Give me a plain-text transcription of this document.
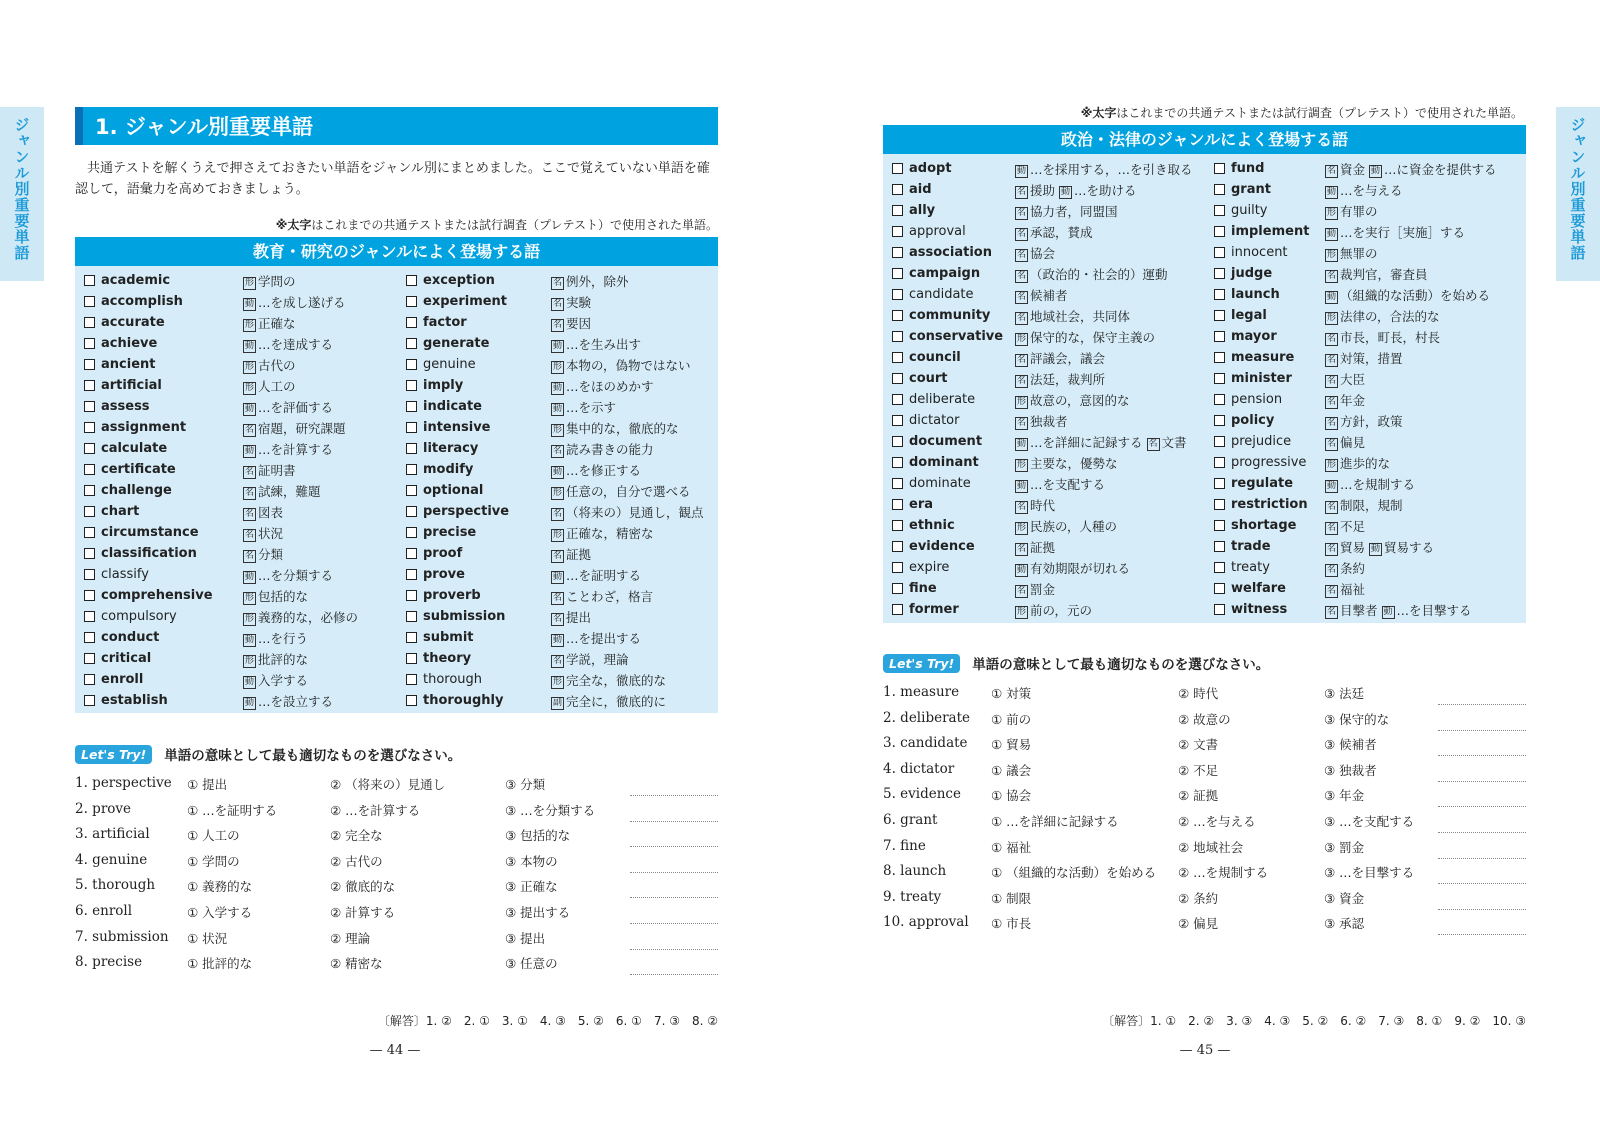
ジャンル別重要単語	ジャンル別重要単語
1. ジャンル別重要単語
共通テストを解くうえで押さえておきたい単語をジャンル別にまとめました。ここで覚えていない単語を確認して，語彙力を高めておきましょう。
※太字はこれまでの共通テストまたは試行調査（プレテスト）で使用された単語。
※太字はこれまでの共通テストまたは試行調査（プレテスト）で使用された単語。
教育・研究のジャンルによく登場する語
academic	形 学問の
accomplish	動 …を成し遂げる
accurate	形 正確な
achieve	動 …を達成する
ancient	形 古代の
artificial	形 人工の
assess	動 …を評価する
assignment	名 宿題，研究課題
calculate	動 …を計算する
certificate	名 証明書
challenge	名 試練，難題
chart	名 図表
circumstance	名 状況
classification	名 分類
classify	動 …を分類する
comprehensive	形 包括的な
compulsory	形 義務的な，必修の
conduct	動 …を行う
critical	形 批評的な
enroll	動 入学する
establish	動 …を設立する
exception	名 例外，除外
experiment	名 実験
factor	名 要因
generate	動 …を生み出す
genuine	形 本物の，偽物ではない
imply	動 …をほのめかす
indicate	動 …を示す
intensive	形 集中的な，徹底的な
literacy	名 読み書きの能力
modify	動 …を修正する
optional	形 任意の，自分で選べる
perspective	名 （将来の）見通し，観点
precise	形 正確な，精密な
proof	名 証拠
prove	動 …を証明する
proverb	名 ことわざ，格言
submission	名 提出
submit	動 …を提出する
theory	名 学説，理論
thorough	形 完全な，徹底的な
thoroughly	副 完全に，徹底的に
政治・法律のジャンルによく登場する語
adopt	動 …を採用する，…を引き取る
aid	名 援助 動 …を助ける
ally	名 協力者，同盟国
approval	名 承認，賛成
association	名 協会
campaign	名 （政治的・社会的）運動
candidate	名 候補者
community	名 地域社会，共同体
conservative 形 保守的な，保守主義の
council	名 評議会，議会
court	名 法廷，裁判所
deliberate	形 故意の，意図的な
dictator	名 独裁者
document	動 …を詳細に記録する 名 文書
dominant	形 主要な，優勢な
dominate	動 …を支配する
era	名 時代
ethnic	形 民族の，人種の
evidence	名 証拠
expire	動 有効期限が切れる
fine	名 罰金
former	形 前の，元の
fund	名 資金 動 …に資金を提供する
grant	動 …を与える
guilty	形 有罪の
implement 動 …を実行［実施］する
innocent	形 無罪の
judge	名 裁判官，審査員
launch	動 （組織的な活動）を始める
legal	形 法律の，合法的な
mayor	名 市長，町長，村長
measure	名 対策，措置
minister	名 大臣
pension	名 年金
policy	名 方針，政策
prejudice	名 偏見
progressive 形 進歩的な
regulate	動 …を規制する
restriction 名 制限，規制
shortage	名 不足
trade	名 貿易 動 貿易する
treaty	名 条約
welfare	名 福祉
witness	名 目撃者 動 …を目撃する
Let's Try!	単語の意味として最も適切なものを選びなさい。
Let's Try!	単語の意味として最も適切なものを選びなさい。
1. perspective ① 提出	② （将来の）見通し	③ 分類
2. prove	① …を証明する	② …を計算する	③ …を分類する
3. artificial	① 人工の	② 完全な	③ 包括的な
4. genuine	① 学問の	② 古代の	③ 本物の
5. thorough	① 義務的な	② 徹底的な	③ 正確な
6. enroll	① 入学する	② 計算する	③ 提出する
7. submission ① 状況	② 理論	③ 提出
8. precise	① 批評的な	② 精密な	③ 任意の
1. measure	① 対策	② 時代	③ 法廷
2. deliberate ① 前の	② 故意の	③ 保守的な
3. candidate ① 貿易	② 文書	③ 候補者
4. dictator	① 議会	② 不足	③ 独裁者
5. evidence ① 協会	② 証拠	③ 年金
6. grant	① …を詳細に記録する	② …を与える	③ …を支配する
7. fine	① 福祉	② 地域社会	③ 罰金
8. launch	① （組織的な活動）を始める ② …を規制する	③ …を目撃する
9. treaty	① 制限	② 条約	③ 資金
10. approval ① 市長	② 偏見	③ 承認
〔解答〕1. ②　2. ①　3. ①　4. ③　5. ②　6. ①　7. ③　8. ②	〔解答〕1. ①　2. ②　3. ③　4. ③　5. ②　6. ②　7. ③　8. ①　9. ②　10. ③
— 44 —	— 45 —
